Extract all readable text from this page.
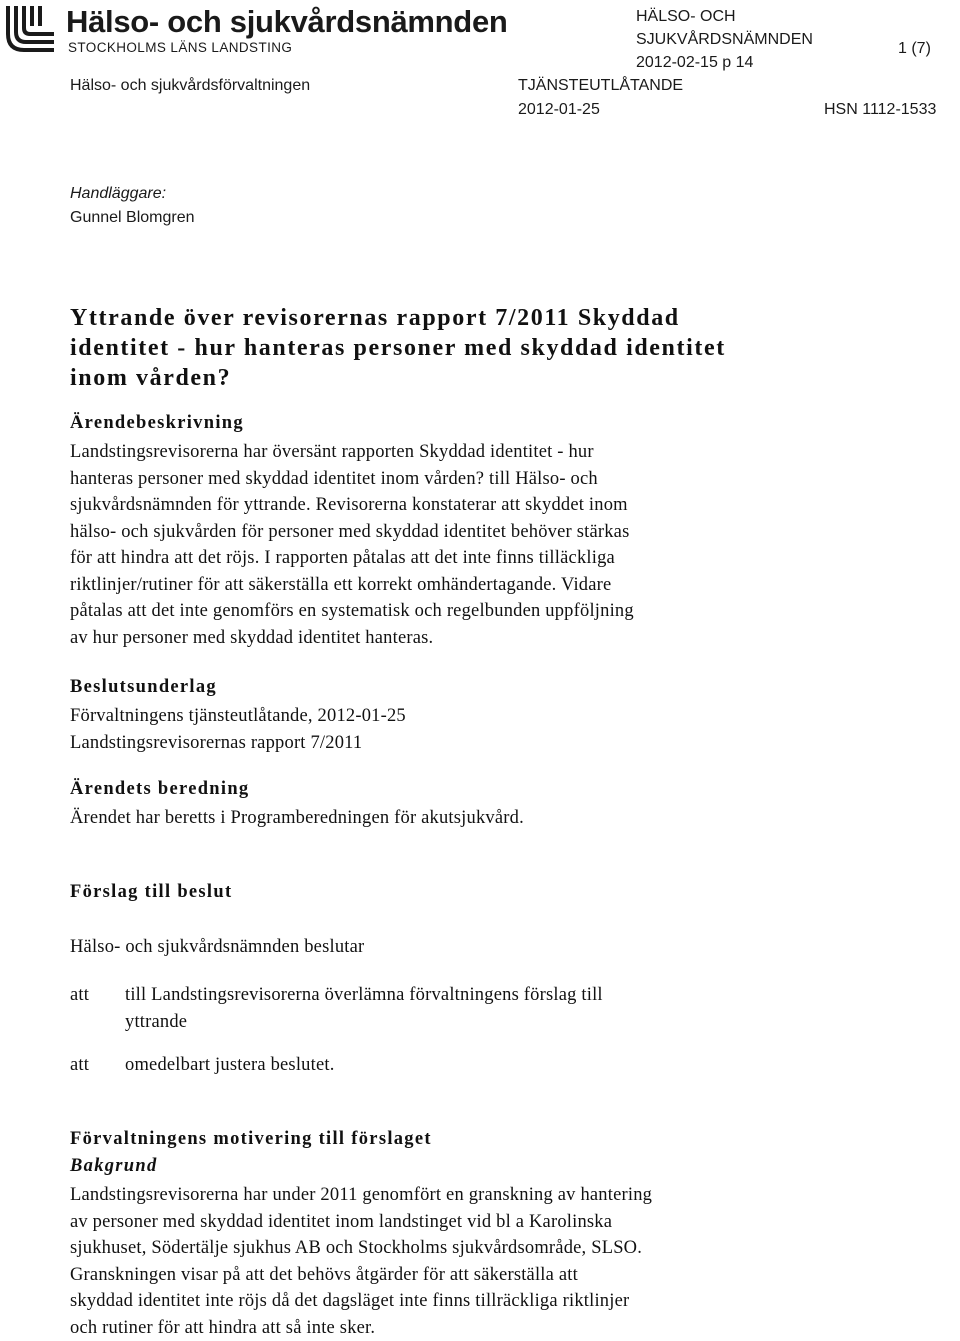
Hälso- och sjukvårdsnämnden
STOCKHOLMS LÄNS LANDSTING
Hälso- och sjukvårdsförvaltningen
HÄLSO- OCH
SJUKVÅRDSNÄMNDEN
2012-02-15 p 14
TJÄNSTEUTLÅTANDE
1 (7)
2012-01-25	HSN 1112-1533
Handläggare:
Gunnel Blomgren
Yttrande över revisorernas rapport 7/2011 Skyddad identitet - hur hanteras personer med skyddad identitet inom vården?
Ärendebeskrivning
Landstingsrevisorerna har översänt rapporten Skyddad identitet - hur
hanteras personer med skyddad identitet inom vården? till Hälso- och
sjukvårdsnämnden för yttrande. Revisorerna konstaterar att skyddet inom
hälso- och sjukvården för personer med skyddad identitet behöver stärkas
för att hindra att det röjs. I rapporten påtalas att det inte finns tilläckliga
riktlinjer/rutiner för att säkerställa ett korrekt omhändertagande. Vidare
påtalas att det inte genomförs en systematisk och regelbunden uppföljning
av hur personer med skyddad identitet hanteras.
Beslutsunderlag
Förvaltningens tjänsteutlåtande, 2012-01-25
Landstingsrevisorernas rapport 7/2011
Ärendets beredning
Ärendet har beretts i Programberedningen för akutsjukvård.
Förslag till beslut
Hälso- och sjukvårdsnämnden beslutar
att till Landstingsrevisorerna överlämna förvaltningens förslag till
yttrande
att omedelbart justera beslutet.
Förvaltningens motivering till förslaget
Bakgrund
Landstingsrevisorerna har under 2011 genomfört en granskning av hantering
av personer med skyddad identitet inom landstinget vid bl a Karolinska
sjukhuset, Södertälje sjukhus AB och Stockholms sjukvårdsområde, SLSO.
Granskningen visar på att det behövs åtgärder för att säkerställa att
skyddad identitet inte röjs då det dagsläget inte finns tillräckliga riktlinjer
och rutiner för att hindra att så inte sker.
